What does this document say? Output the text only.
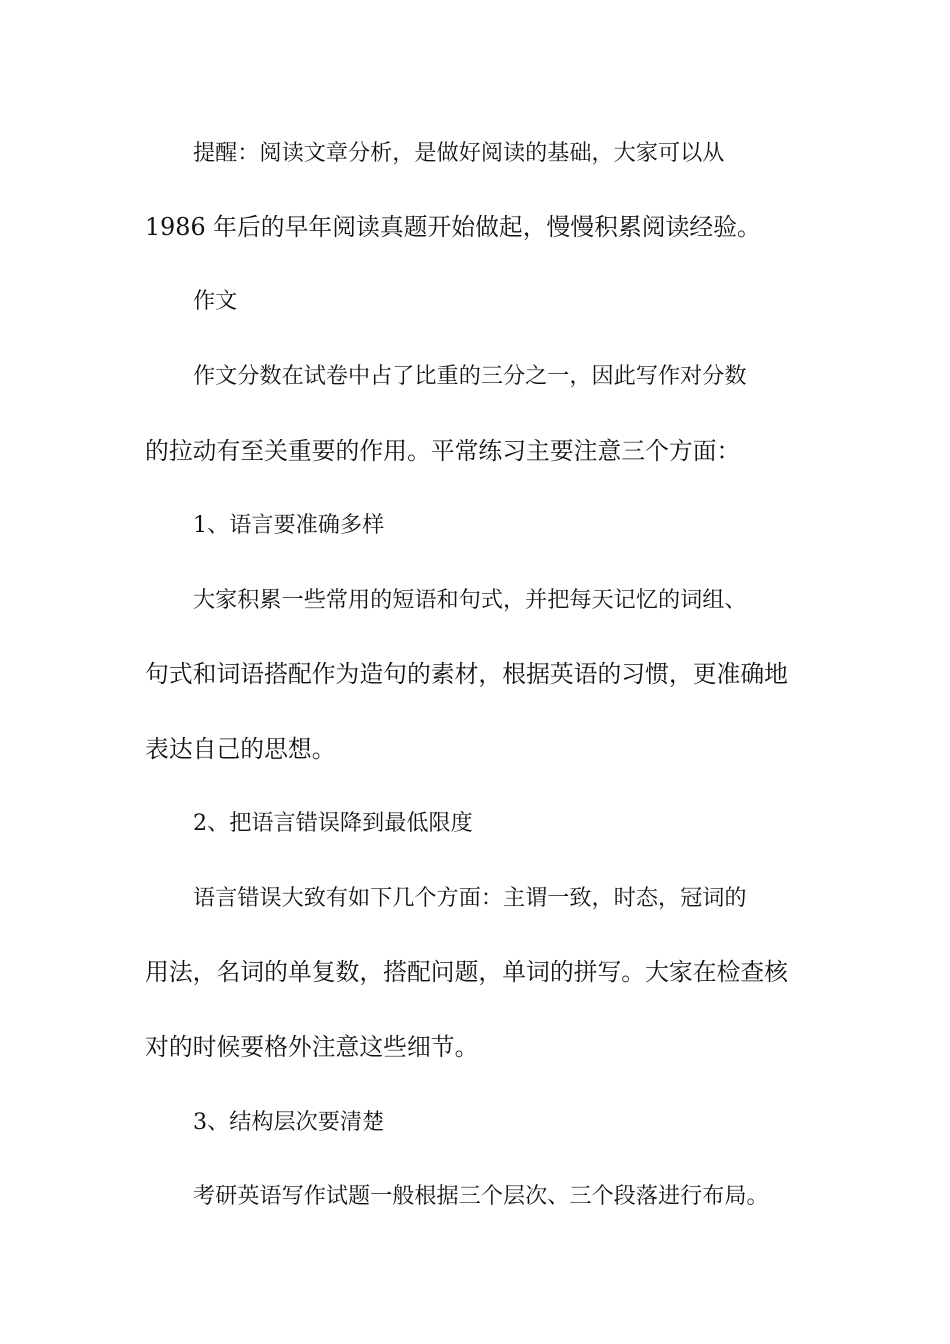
提醒：阅读文章分析，是做好阅读的基础，大家可以从
1986 年后的早年阅读真题开始做起，慢慢积累阅读经验。
作文
作文分数在试卷中占了比重的三分之一，因此写作对分数
的拉动有至关重要的作用。平常练习主要注意三个方面：
1、语言要准确多样
大家积累一些常用的短语和句式，并把每天记忆的词组、
句式和词语搭配作为造句的素材，根据英语的习惯，更准确地
表达自己的思想。
2、把语言错误降到最低限度
语言错误大致有如下几个方面：主谓一致，时态，冠词的
用法，名词的单复数，搭配问题，单词的拼写。大家在检查核
对的时候要格外注意这些细节。
3、结构层次要清楚
考研英语写作试题一般根据三个层次、三个段落进行布局。
